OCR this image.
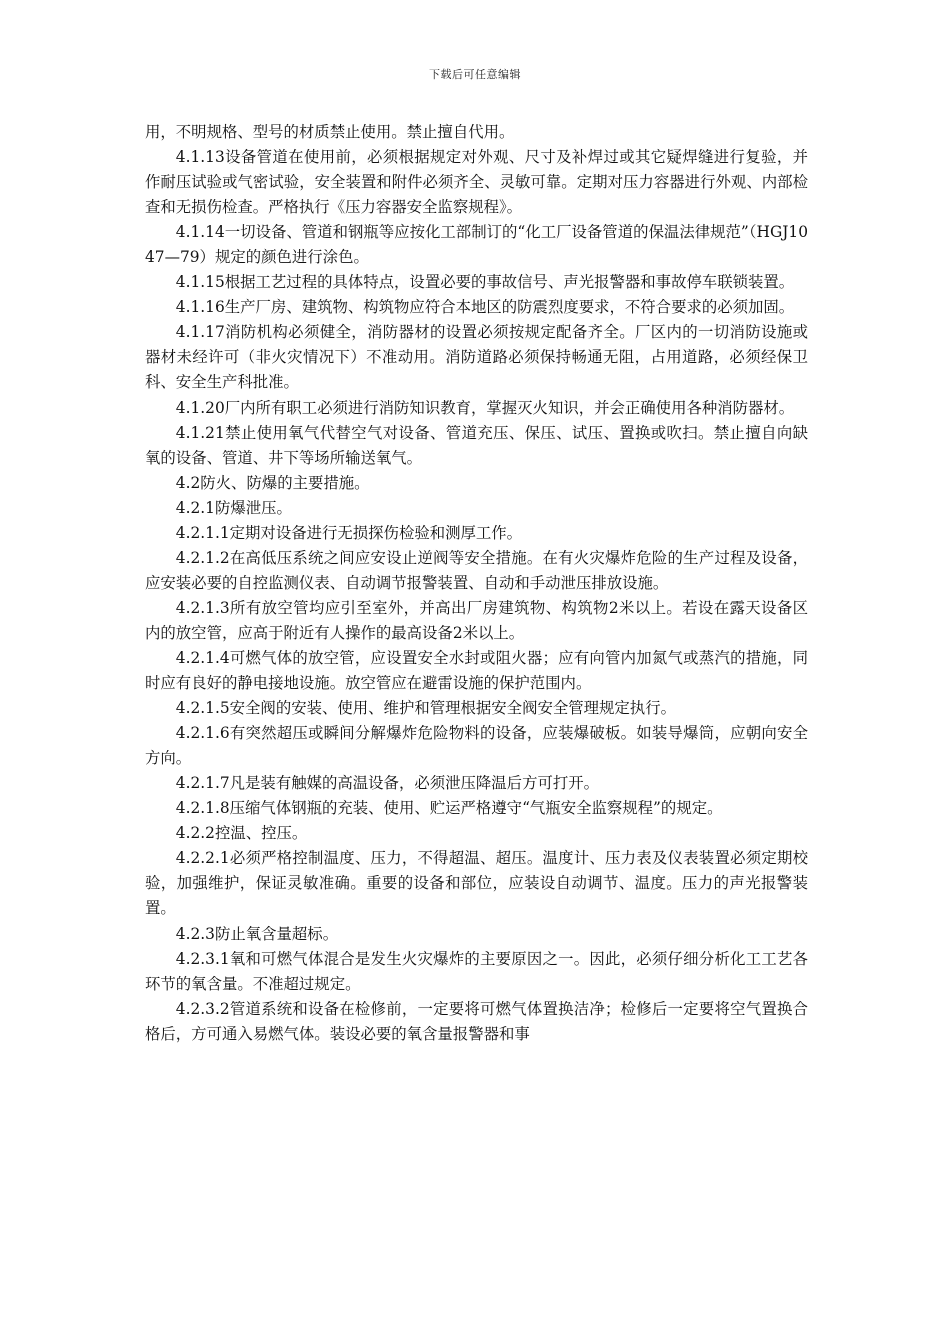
下载后可任意编辑

用，不明规格、型号的材质禁止使用。禁止擅自代用。

4.1.13设备管道在使用前，必须根据规定对外观、尺寸及补焊过或其它疑焊缝进行复验，并作耐压试验或气密试验，安全装置和附件必须齐全、灵敏可靠。定期对压力容器进行外观、内部检查和无损伤检查。严格执行《压力容器安全监察规程》。

4.1.14一切设备、管道和钢瓶等应按化工部制订的“化工厂设备管道的保温法律规范”（HGJ1047—79）规定的颜色进行涂色。

4.1.15根据工艺过程的具体特点，设置必要的事故信号、声光报警器和事故停车联锁装置。

4.1.16生产厂房、建筑物、构筑物应符合本地区的防震烈度要求，不符合要求的必须加固。

4.1.17消防机构必须健全，消防器材的设置必须按规定配备齐全。厂区内的一切消防设施或器材未经许可（非火灾情况下）不准动用。消防道路必须保持畅通无阻，占用道路，必须经保卫科、安全生产科批准。

4.1.20厂内所有职工必须进行消防知识教育，掌握灭火知识，并会正确使用各种消防器材。

4.1.21禁止使用氧气代替空气对设备、管道充压、保压、试压、置换或吹扫。禁止擅自向缺氧的设备、管道、井下等场所输送氧气。

4.2防火、防爆的主要措施。

4.2.1防爆泄压。

4.2.1.1定期对设备进行无损探伤检验和测厚工作。

4.2.1.2在高低压系统之间应安设止逆阀等安全措施。在有火灾爆炸危险的生产过程及设备，应安装必要的自控监测仪表、自动调节报警装置、自动和手动泄压排放设施。

4.2.1.3所有放空管均应引至室外，并高出厂房建筑物、构筑物2米以上。若设在露天设备区内的放空管，应高于附近有人操作的最高设备2米以上。

4.2.1.4可燃气体的放空管，应设置安全水封或阻火器；应有向管内加氮气或蒸汽的措施，同时应有良好的静电接地设施。放空管应在避雷设施的保护范围内。

4.2.1.5安全阀的安装、使用、维护和管理根据安全阀安全管理规定执行。

4.2.1.6有突然超压或瞬间分解爆炸危险物料的设备，应装爆破板。如装导爆筒，应朝向安全方向。

4.2.1.7凡是装有触媒的高温设备，必须泄压降温后方可打开。

4.2.1.8压缩气体钢瓶的充装、使用、贮运严格遵守“气瓶安全监察规程”的规定。

4.2.2控温、控压。

4.2.2.1必须严格控制温度、压力，不得超温、超压。温度计、压力表及仪表装置必须定期校验，加强维护，保证灵敏准确。重要的设备和部位，应装设自动调节、温度。压力的声光报警装置。

4.2.3防止氧含量超标。

4.2.3.1氧和可燃气体混合是发生火灾爆炸的主要原因之一。因此，必须仔细分析化工工艺各环节的氧含量。不准超过规定。

4.2.3.2管道系统和设备在检修前，一定要将可燃气体置换洁净；检修后一定要将空气置换合格后，方可通入易燃气体。装设必要的氧含量报警器和事
